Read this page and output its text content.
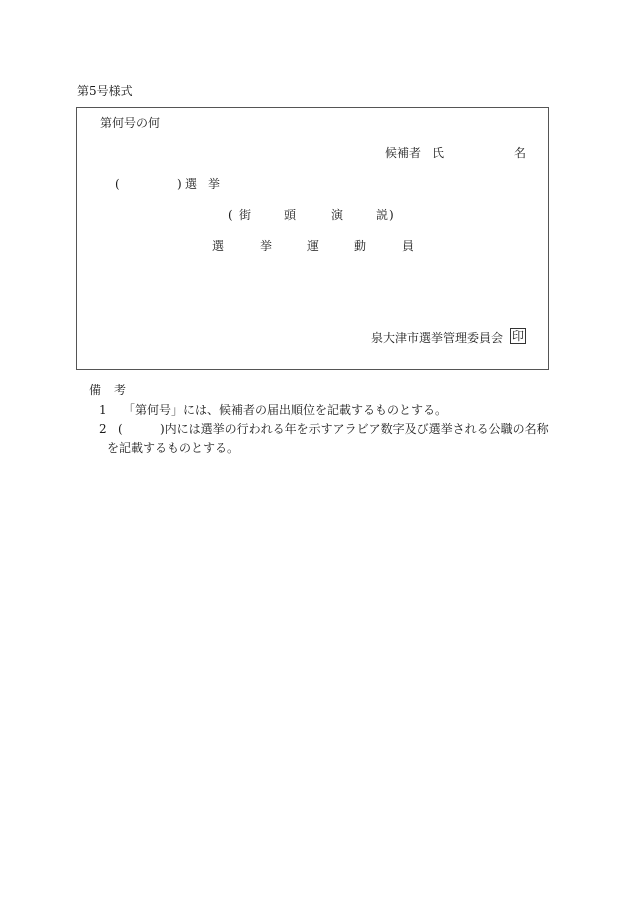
第5号様式
第何号の何
候補者 氏	名
(	) 選 挙
( 街	頭	演	説 )
選	挙	運	動	員
泉大津市選挙管理委員会 印
備 考
1 「第何号」には、候補者の届出順位を記載するものとする。
2 (	)内には選挙の行われる年を示すアラビア数字及び選挙される公職の名称
を記載するものとする。
